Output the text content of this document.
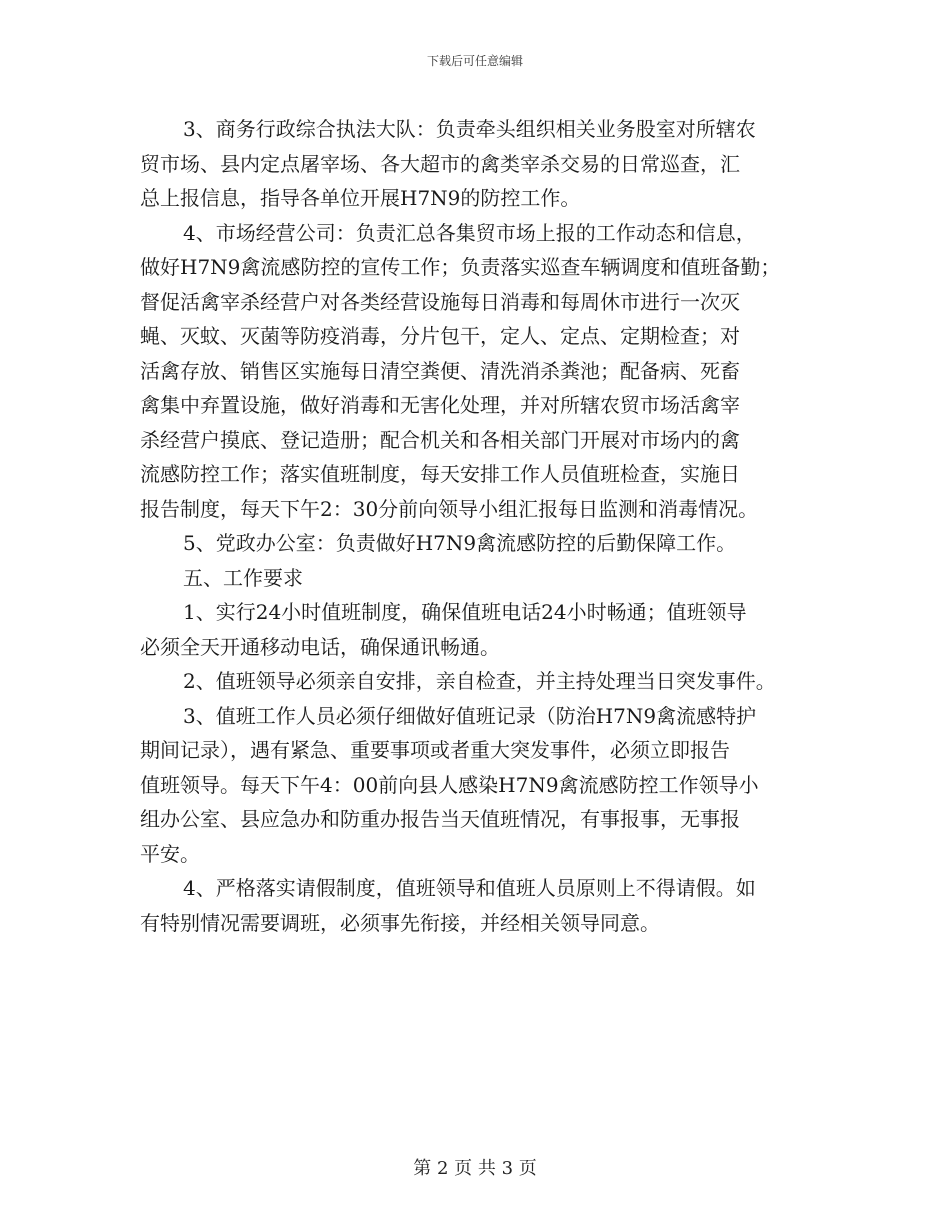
下载后可任意编辑
3、商务行政综合执法大队：负责牵头组织相关业务股室对所辖农
贸市场、县内定点屠宰场、各大超市的禽类宰杀交易的日常巡查，汇
总上报信息，指导各单位开展H7N9的防控工作。
4、市场经营公司：负责汇总各集贸市场上报的工作动态和信息，
做好H7N9禽流感防控的宣传工作；负责落实巡查车辆调度和值班备勤；
督促活禽宰杀经营户对各类经营设施每日消毒和每周休市进行一次灭
蝇、灭蚊、灭菌等防疫消毒，分片包干，定人、定点、定期检查；对
活禽存放、销售区实施每日清空粪便、清洗消杀粪池；配备病、死畜
禽集中弃置设施，做好消毒和无害化处理，并对所辖农贸市场活禽宰
杀经营户摸底、登记造册；配合机关和各相关部门开展对市场内的禽
流感防控工作；落实值班制度，每天安排工作人员值班检查，实施日
报告制度，每天下午2：30分前向领导小组汇报每日监测和消毒情况。
5、党政办公室：负责做好H7N9禽流感防控的后勤保障工作。
五、工作要求
1、实行24小时值班制度，确保值班电话24小时畅通；值班领导
必须全天开通移动电话，确保通讯畅通。
2、值班领导必须亲自安排，亲自检查，并主持处理当日突发事件。
3、值班工作人员必须仔细做好值班记录（防治H7N9禽流感特护
期间记录），遇有紧急、重要事项或者重大突发事件，必须立即报告
值班领导。每天下午4：00前向县人感染H7N9禽流感防控工作领导小
组办公室、县应急办和防重办报告当天值班情况，有事报事，无事报
平安。
4、严格落实请假制度，值班领导和值班人员原则上不得请假。如
有特别情况需要调班，必须事先衔接，并经相关领导同意。
第 2 页 共 3 页
